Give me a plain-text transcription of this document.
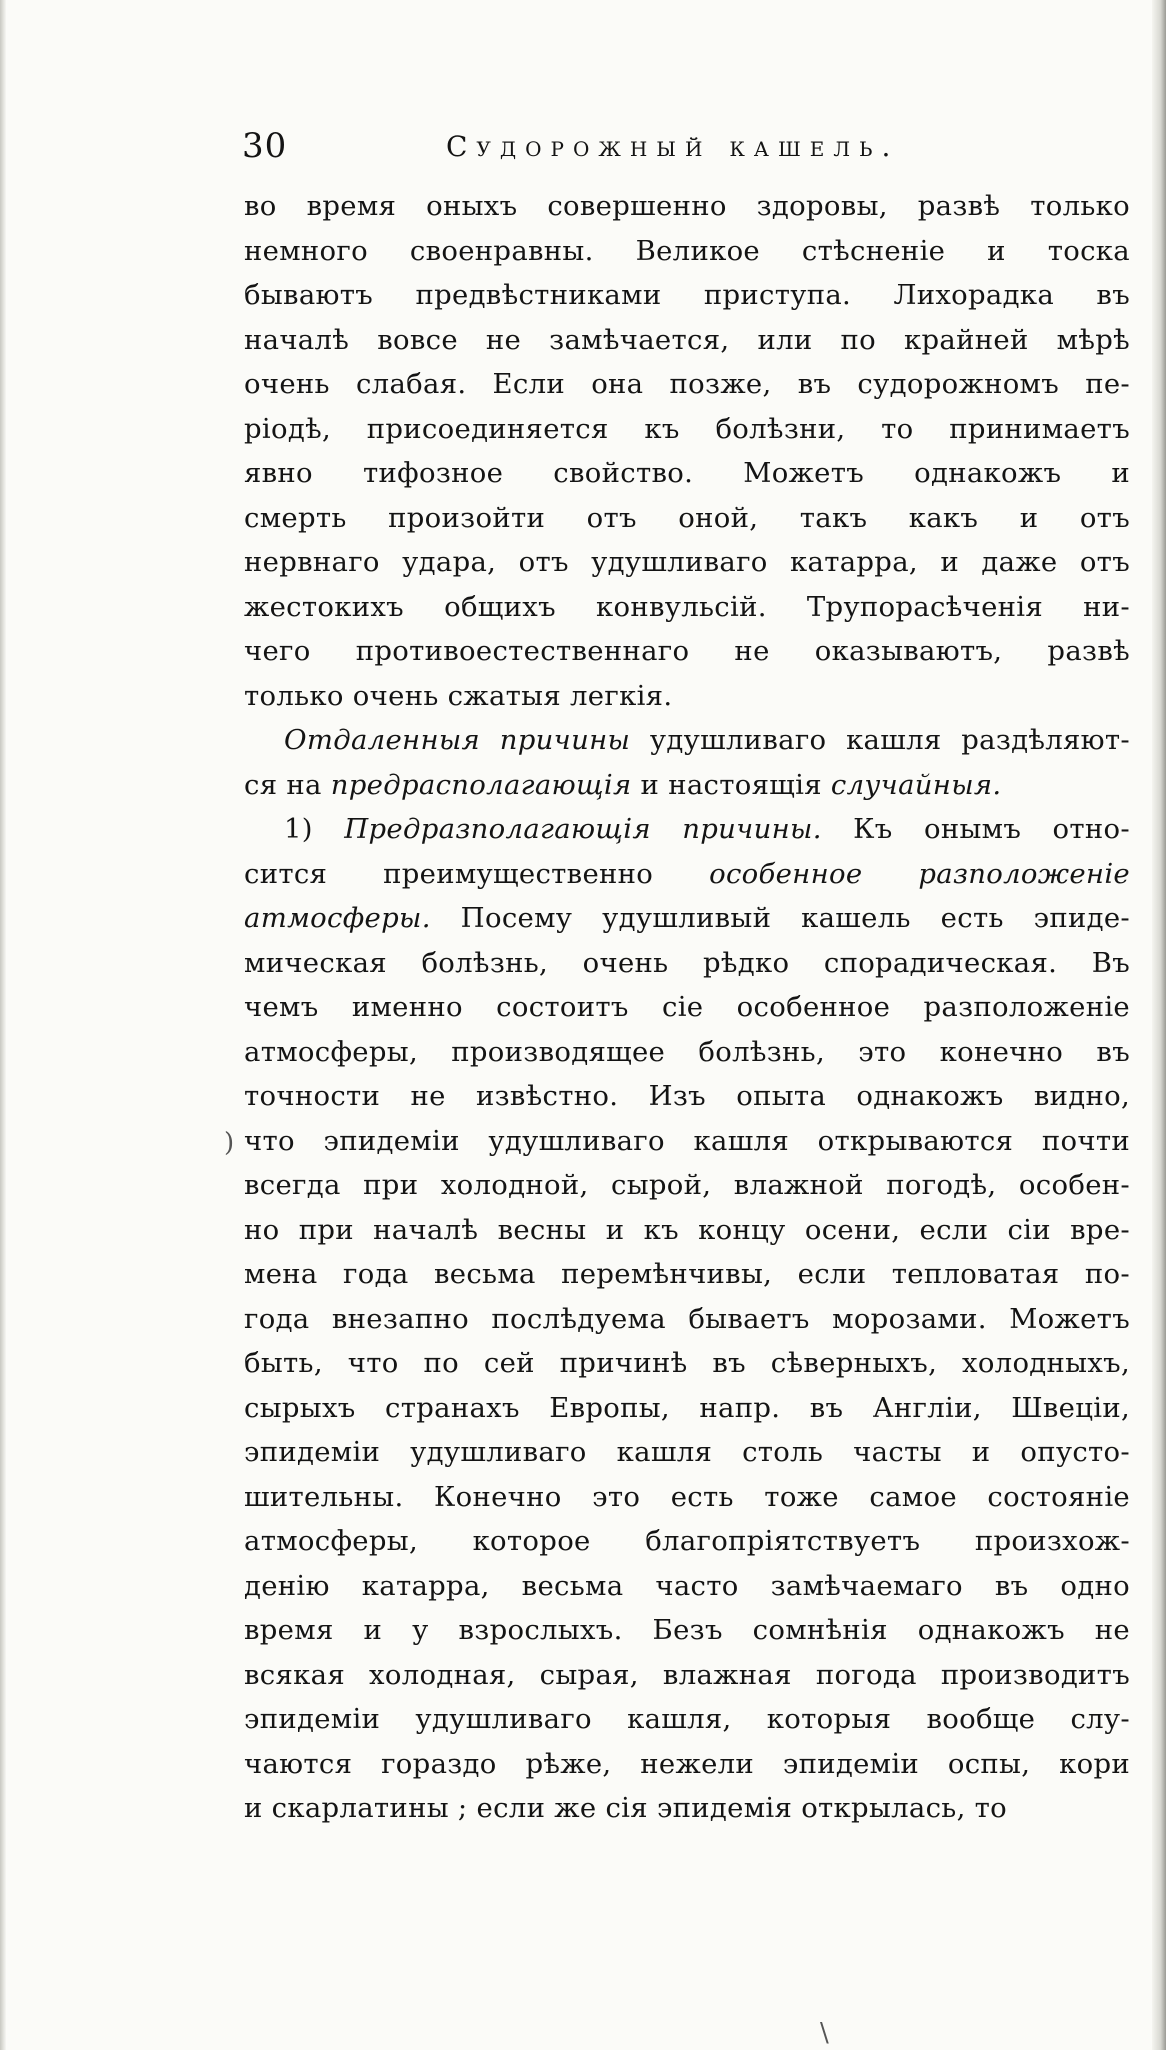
30	Судорожный кашель.
во время оныхъ совершенно здоровы, развѣ только
немного своенравны. Великое стѣсненіе и тоска
бываютъ предвѣстниками приступа. Лихорадка въ
началѣ вовсе не замѣчается, или по крайней мѣрѣ
очень слабая. Если она позже, въ судорожномъ пе-
ріодѣ, присоединяется къ болѣзни, то принимаетъ
явно тифозное свойство. Можетъ однакожъ и
смерть произойти отъ оной, такъ какъ и отъ
нервнаго удара, отъ удушливаго катарра, и даже отъ
жестокихъ общихъ конвульсій. Трупорасѣченія ни-
чего противоестественнаго не оказываютъ, развѣ
только очень сжатыя легкія.
Отдаленныя причины удушливаго кашля раздѣляют-
ся на предрасполагающія и настоящія случайныя.
1) Предразполагающія причины. Къ онымъ отно-
сится преимущественно особенное разположеніе
атмосферы. Посему удушливый кашель есть эпиде-
мическая болѣзнь, очень рѣдко спорадическая. Въ
чемъ именно состоитъ сіе особенное разположеніе
атмосферы, производящее болѣзнь, это конечно въ
точности не извѣстно. Изъ опыта однакожъ видно,
что эпидеміи удушливаго кашля открываются почти
всегда при холодной, сырой, влажной погодѣ, особен-
но при началѣ весны и къ концу осени, если сіи вре-
мена года весьма перемѣнчивы, если тепловатая по-
года внезапно послѣдуема бываетъ морозами. Можетъ
быть, что по сей причинѣ въ сѣверныхъ, холодныхъ,
сырыхъ странахъ Европы, напр. въ Англіи, Швеціи,
эпидеміи удушливаго кашля столь часты и опусто-
шительны. Конечно это есть тоже самое состояніе
атмосферы, которое благопріятствуетъ произхож-
денію катарра, весьма часто замѣчаемаго въ одно
время и у взрослыхъ. Безъ сомнѣнія однакожъ не
всякая холодная, сырая, влажная погода производитъ
эпидеміи удушливаго кашля, которыя вообще слу-
чаются гораздо рѣже, нежели эпидеміи оспы, кори
и скарлатины ; если же сія эпидемія открылась, то
)
\
